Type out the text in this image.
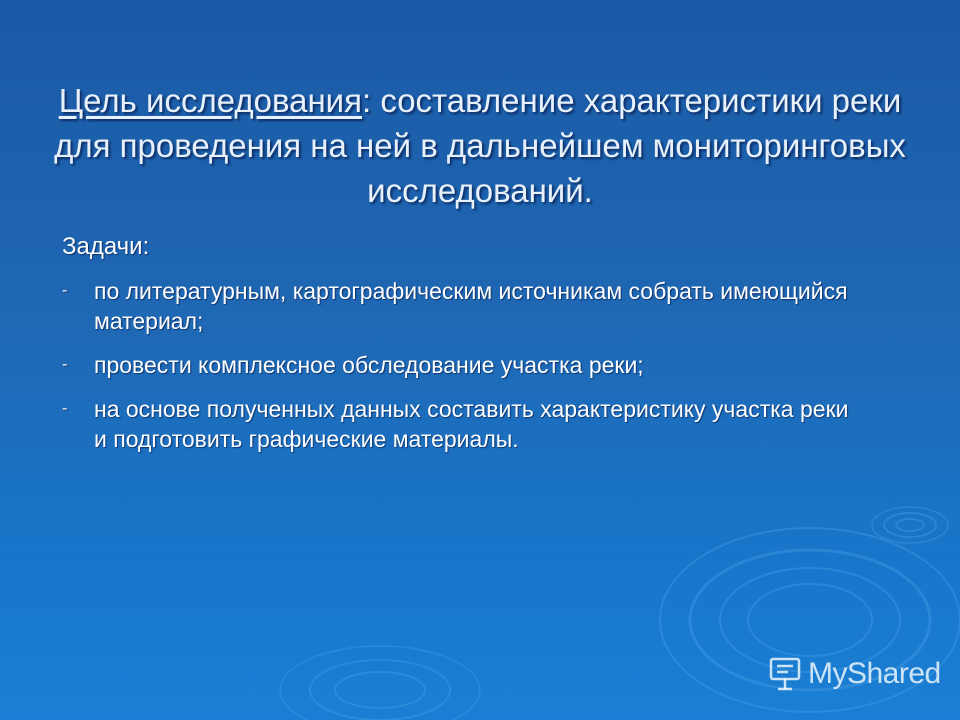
Цель исследования: составление характеристики реки для проведения на ней в дальнейшем мониторинговых исследований.
Задачи:
- по литературным, картографическим источникам собрать имеющийся материал;
- провести комплексное обследование участка реки;
- на основе полученных данных составить характеристику участка реки и подготовить графические материалы.
MyShared
